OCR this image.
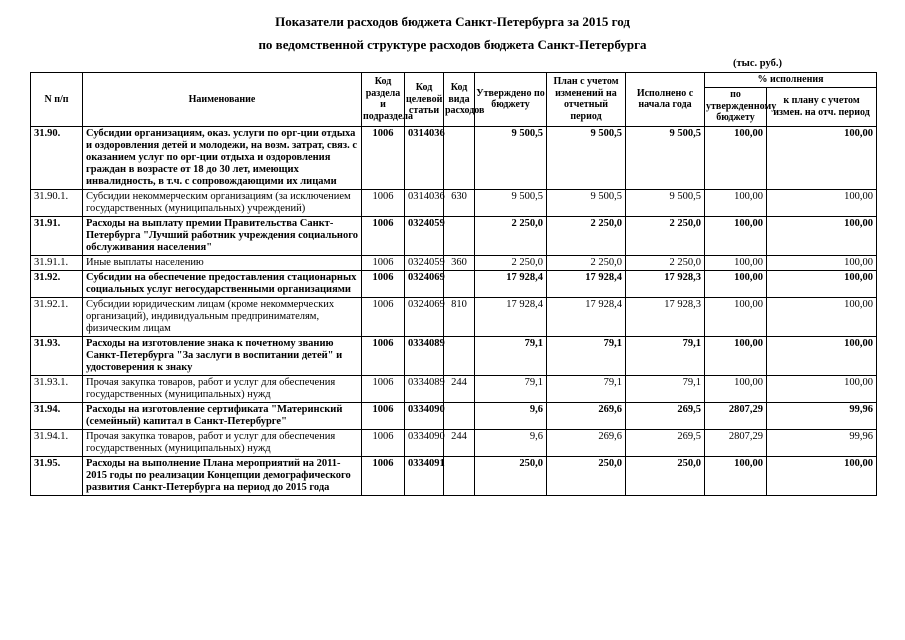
Показатели расходов бюджета Санкт-Петербурга за 2015 год
по ведомственной структуре расходов бюджета Санкт-Петербурга
(тыс. руб.)
N п/п	Наименование	Код раздела и подраздела	Код целевой статьи	Код вида расходов	Утверждено по бюджету	План с учетом изменений на отчетный период	Исполнено с начала года	% исполнения	
								по утвержденному бюджету	к плану с учетом измен. на отч. период
31.90.	Субсидии организациям, оказ. услуги по орг-ции отдыха и оздоровления детей и молодежи, на возм. затрат, связ. с оказанием услуг по орг-ции отдыха и оздоровления граждан в возрасте от 18 до 30 лет, имеющих инвалидность, в т.ч. с сопровождающими их лицами	1006	0314036		9 500,5	9 500,5	9 500,5	100,00	100,00
31.90.1.	Субсидии некоммерческим организациям (за исключением государственных (муниципальных) учреждений)	1006	0314036	630	9 500,5	9 500,5	9 500,5	100,00	100,00
31.91.	Расходы на выплату премии Правительства Санкт-Петербурга "Лучший работник учреждения социального обслуживания населения"	1006	0324059		2 250,0	2 250,0	2 250,0	100,00	100,00
31.91.1.	Иные выплаты населению	1006	0324059	360	2 250,0	2 250,0	2 250,0	100,00	100,00
31.92.	Субсидии на обеспечение предоставления стационарных социальных услуг негосударственными организациями	1006	0324069		17 928,4	17 928,4	17 928,3	100,00	100,00
31.92.1.	Субсидии юридическим лицам (кроме некоммерческих организаций), индивидуальным предпринимателям, физическим лицам	1006	0324069	810	17 928,4	17 928,4	17 928,3	100,00	100,00
31.93.	Расходы на изготовление знака к почетному званию Санкт-Петербурга "За заслуги в воспитании детей" и удостоверения к знаку	1006	0334089		79,1	79,1	79,1	100,00	100,00
31.93.1.	Прочая закупка товаров, работ и услуг для обеспечения государственных (муниципальных) нужд	1006	0334089	244	79,1	79,1	79,1	100,00	100,00
31.94.	Расходы на изготовление сертификата "Материнский (семейный) капитал в Санкт-Петербурге"	1006	0334090		9,6	269,6	269,5	2807,29	99,96
31.94.1.	Прочая закупка товаров, работ и услуг для обеспечения государственных (муниципальных) нужд	1006	0334090	244	9,6	269,6	269,5	2807,29	99,96
31.95.	Расходы на выполнение Плана мероприятий на 2011-2015 годы по реализации Концепции демографического развития Санкт-Петербурга на период до 2015 года	1006	0334091		250,0	250,0	250,0	100,00	100,00
